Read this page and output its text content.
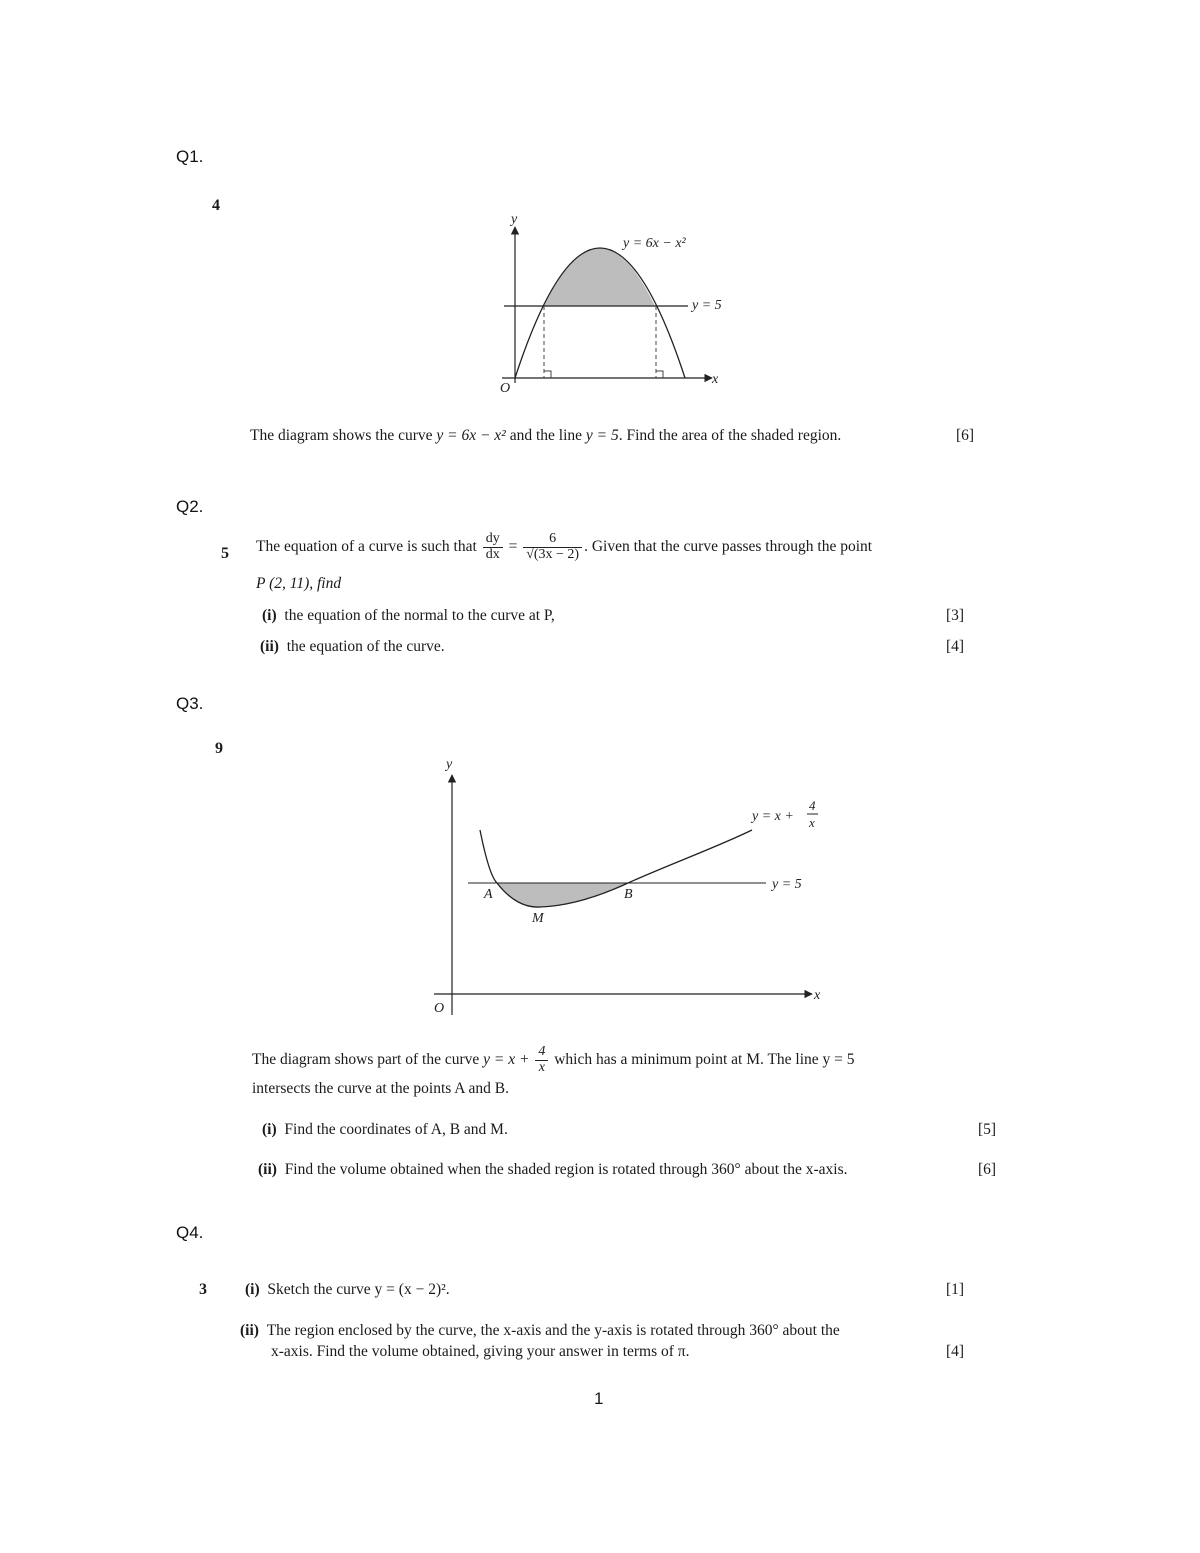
Q1.
4
y
x
O
y = 6x − x²
y = 5
The diagram shows the curve y = 6x − x² and the line y = 5. Find the area of the shaded region.	[6]
Q2.
5 The equation of a curve is such that $\frac{dy}{dx} = \frac{6}{√(3x - 2)}$ . Given that the curve passes through the point
P (2, 11), find
(i) the equation of the normal to the curve at P,	[3]
(ii) the equation of the curve.	[4]
Q3.
9
y
x
O
y = x +
4
x
y = 5
A	B
M
The diagram shows part of the curve $y = x + \frac{4}{x}$ which has a minimum point at M. The line y = 5
intersects the curve at the points A and B.
(i) Find the coordinates of A, B and M.	[5]
(ii) Find the volume obtained when the shaded region is rotated through 360° about the x-axis.	[6]
Q4.
3 (i) Sketch the curve y = (x − 2)².	[1]
(ii) The region enclosed by the curve, the x-axis and the y-axis is rotated through 360° about the
x-axis. Find the volume obtained, giving your answer in terms of π.	[4]
1
